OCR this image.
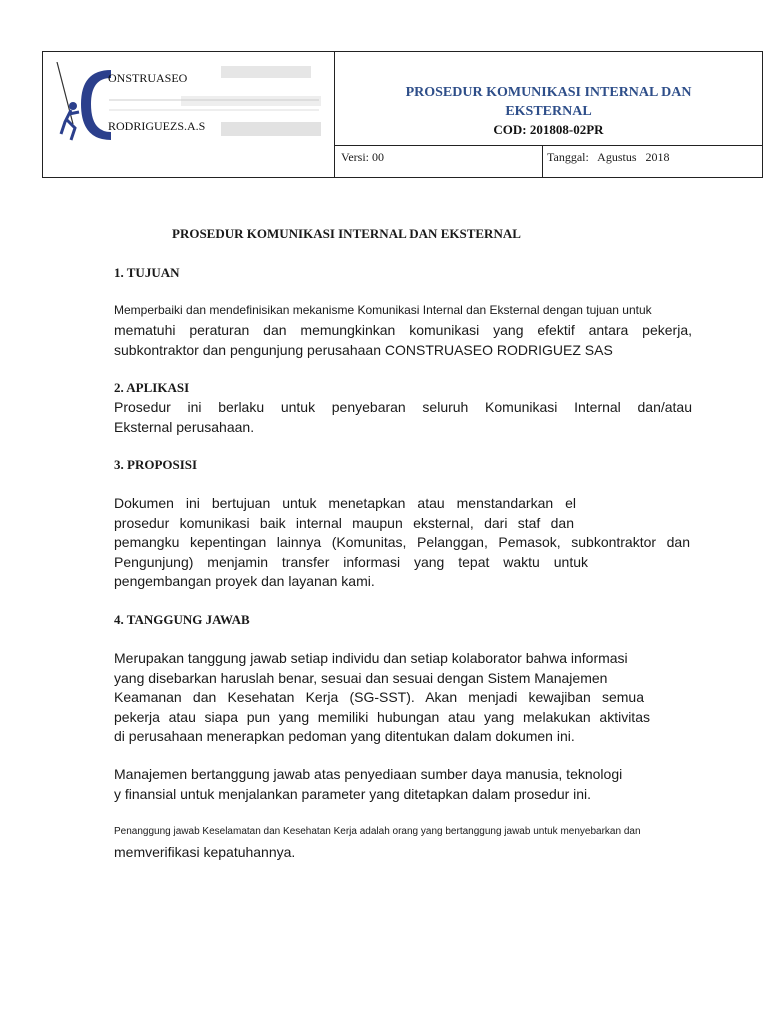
ONSTRUASEO
RODRIGUEZS.A.S
PROSEDUR KOMUNIKASI INTERNAL DAN
EKSTERNAL
COD: 201808-02PR
Versi: 00	Tanggal:   Agustus   2018
PROSEDUR KOMUNIKASI INTERNAL DAN EKSTERNAL
1. TUJUAN
Memperbaiki dan mendefinisikan mekanisme Komunikasi Internal dan Eksternal dengan tujuan untuk
mematuhi peraturan dan memungkinkan komunikasi yang efektif antara pekerja,
subkontraktor dan pengunjung perusahaan CONSTRUASEO RODRIGUEZ SAS
2. APLIKASI
Prosedur ini berlaku untuk penyebaran seluruh Komunikasi Internal dan/atau
Eksternal perusahaan.
3. PROPOSISI
Dokumen ini bertujuan untuk menetapkan atau menstandarkan el
prosedur komunikasi baik internal maupun eksternal, dari staf dan
pemangku kepentingan lainnya (Komunitas, Pelanggan, Pemasok, subkontraktor dan
Pengunjung) menjamin transfer informasi yang tepat waktu untuk
pengembangan proyek dan layanan kami.
4. TANGGUNG JAWAB
Merupakan tanggung jawab setiap individu dan setiap kolaborator bahwa informasi
yang disebarkan haruslah benar, sesuai dan sesuai dengan Sistem Manajemen
Keamanan dan Kesehatan Kerja (SG-SST). Akan menjadi kewajiban semua
pekerja atau siapa pun yang memiliki hubungan atau yang melakukan aktivitas
di perusahaan menerapkan pedoman yang ditentukan dalam dokumen ini.
Manajemen bertanggung jawab atas penyediaan sumber daya manusia, teknologi
y finansial untuk menjalankan parameter yang ditetapkan dalam prosedur ini.
Penanggung jawab Keselamatan dan Kesehatan Kerja adalah orang yang bertanggung jawab untuk menyebarkan dan
memverifikasi kepatuhannya.
